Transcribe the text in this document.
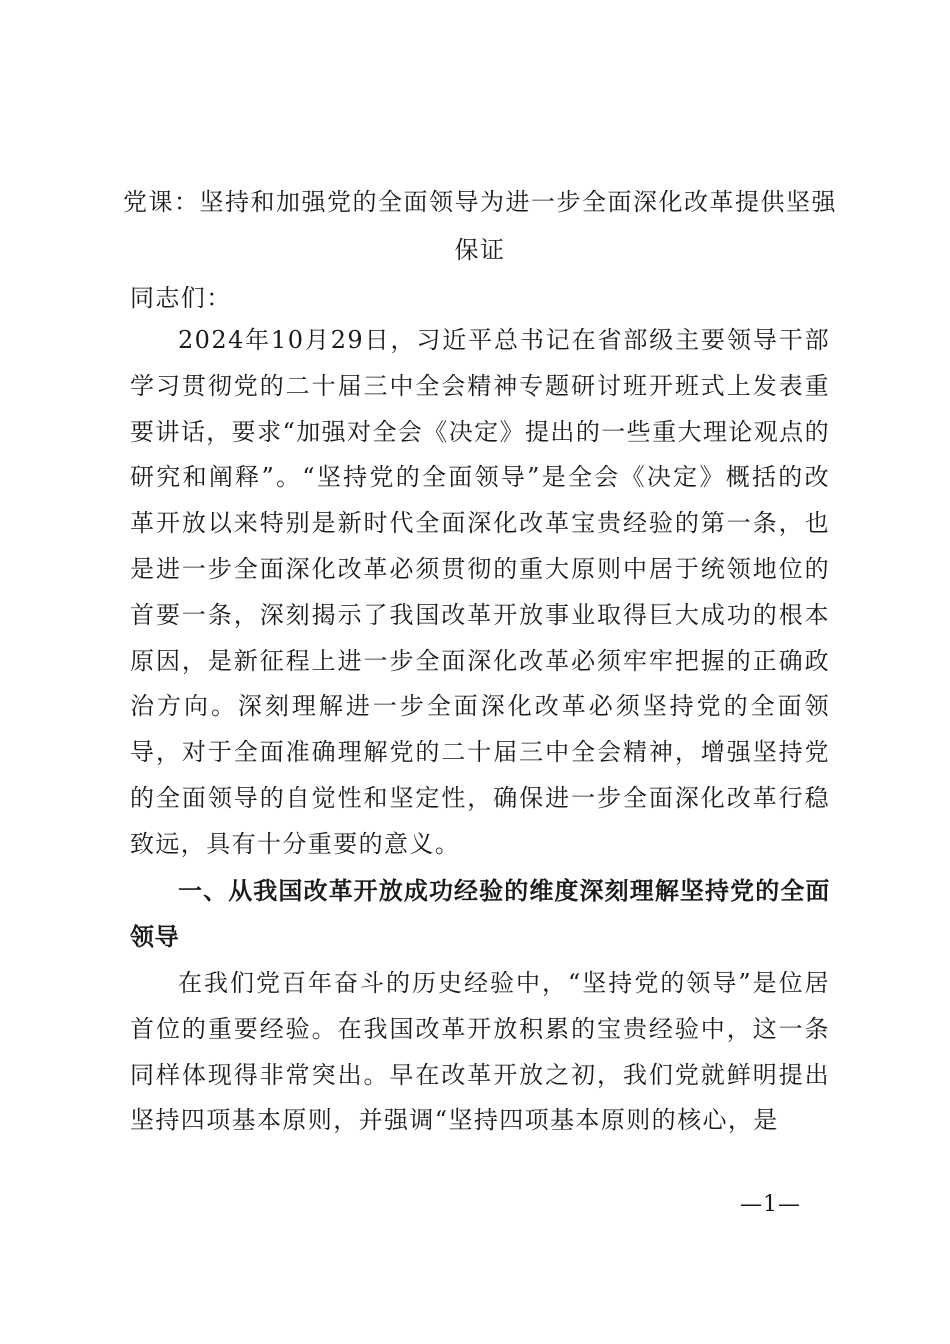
党课：坚持和加强党的全面领导为进一步全面深化改革提供坚强保证

同志们：

2024年10月29日，习近平总书记在省部级主要领导干部学习贯彻党的二十届三中全会精神专题研讨班开班式上发表重要讲话，要求“加强对全会《决定》提出的一些重大理论观点的研究和阐释”。“坚持党的全面领导”是全会《决定》概括的改革开放以来特别是新时代全面深化改革宝贵经验的第一条，也是进一步全面深化改革必须贯彻的重大原则中居于统领地位的首要一条，深刻揭示了我国改革开放事业取得巨大成功的根本原因，是新征程上进一步全面深化改革必须牢牢把握的正确政治方向。深刻理解进一步全面深化改革必须坚持党的全面领导，对于全面准确理解党的二十届三中全会精神，增强坚持党的全面领导的自觉性和坚定性，确保进一步全面深化改革行稳致远，具有十分重要的意义。

一、从我国改革开放成功经验的维度深刻理解坚持党的全面领导

在我们党百年奋斗的历史经验中，“坚持党的领导”是位居首位的重要经验。在我国改革开放积累的宝贵经验中，这一条同样体现得非常突出。早在改革开放之初，我们党就鲜明提出坚持四项基本原则，并强调“坚持四项基本原则的核心，是

—1—
